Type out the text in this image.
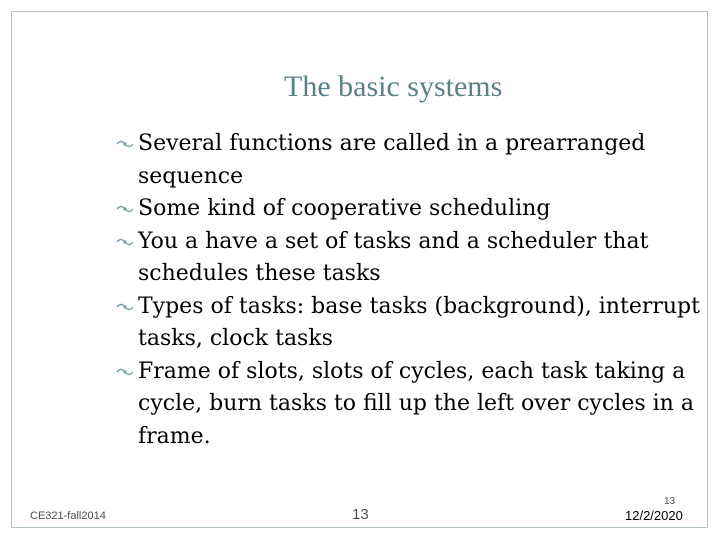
The basic systems
Several functions are called in a prearranged sequence
Some kind of cooperative scheduling
You a have a set of tasks and a scheduler that schedules these tasks
Types of tasks: base tasks (background), interrupt tasks, clock tasks
Frame of slots, slots of cycles, each task taking a cycle, burn tasks to fill up the left over cycles in a frame.
CE321-fall2014	13
13
12/2/2020
